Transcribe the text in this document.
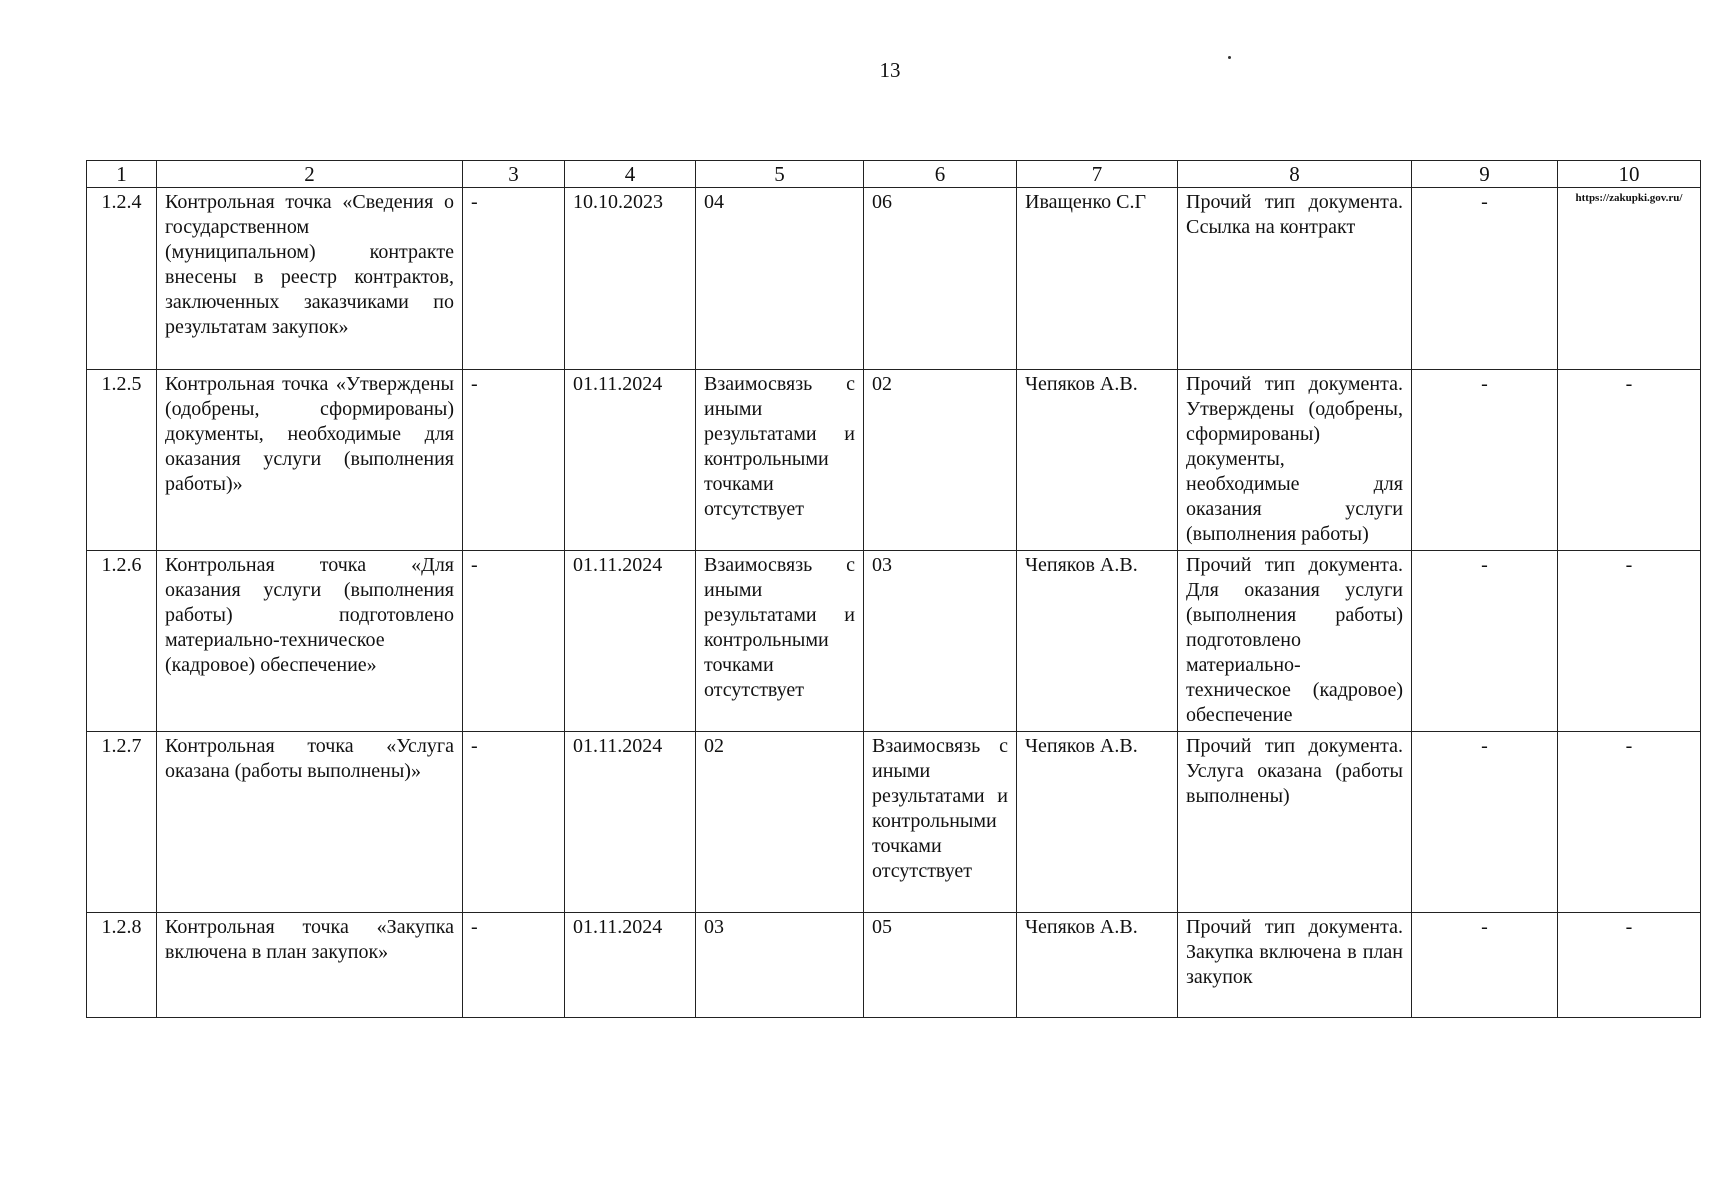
13
1	2	3	4	5	6	7	8	9	10
1.2.4	Контрольная точка «Сведения о государственном (муниципальном) контракте внесены в реестр контрактов, заключенных заказчиками по результатам закупок»	-	10.10.2023	04	06	Иващенко С.Г	Прочий тип документа. Ссылка на контракт	-	https://zakupki.gov.ru/
1.2.5	Контрольная точка «Утверждены (одобрены, сформированы) документы, необходимые для оказания услуги (выполнения работы)»	-	01.11.2024	Взаимосвязь с иными результатами и контрольными точками отсутствует	02	Чепяков А.В.	Прочий тип документа. Утверждены (одобрены, сформированы) документы, необходимые для оказания услуги (выполнения работы)	-	-
1.2.6	Контрольная точка «Для оказания услуги (выполнения работы) подготовлено материально-техническое (кадровое) обеспечение»	-	01.11.2024	Взаимосвязь с иными результатами и контрольными точками отсутствует	03	Чепяков А.В.	Прочий тип документа. Для оказания услуги (выполнения работы) подготовлено материально-техническое (кадровое) обеспечение	-	-
1.2.7	Контрольная точка «Услуга оказана (работы выполнены)»	-	01.11.2024	02	Взаимосвязь с иными результатами и контрольными точками отсутствует	Чепяков А.В.	Прочий тип документа. Услуга оказана (работы выполнены)	-	-
1.2.8	Контрольная точка «Закупка включена в план закупок»	-	01.11.2024	03	05	Чепяков А.В.	Прочий тип документа. Закупка включена в план закупок	-	-
